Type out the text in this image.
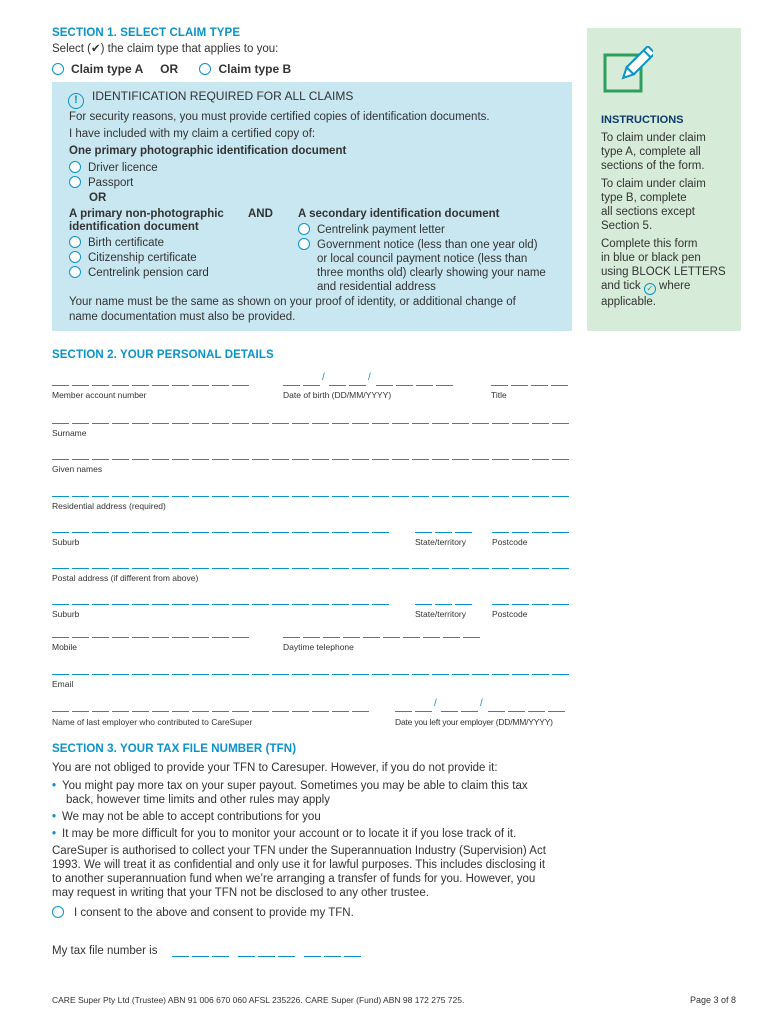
SECTION 1. SELECT CLAIM TYPE
Select (✔) the claim type that applies to you:
Claim type A OR	Claim type B
! IDENTIFICATION REQUIRED FOR ALL CLAIMS
For security reasons, you must provide certified copies of identification documents.
I have included with my claim a certified copy of:
One primary photographic identification document
Driver licence
Passport
OR
A primary non-photographic
identification document
AND
Birth certificate
Citizenship certificate
Centrelink pension card
A secondary identification document
Centrelink payment letter
Government notice (less than one year old)
or local council payment notice (less than
three months old) clearly showing your name
and residential address
Your name must be the same as shown on your proof of identity, or additional change of
name documentation must also be provided.
INSTRUCTIONS
To claim under claim
type A, complete all
sections of the form.
To claim under claim
type B, complete
all sections except
Section 5.
Complete this form
in blue or black pen
using BLOCK LETTERS
and tick ✓ where
applicable.
SECTION 2. YOUR PERSONAL DETAILS
/	/
Member account number	Date of birth (DD/MM/YYYY)	Title
Surname
Given names
Residential address (required)
Suburb	State/territory	Postcode
Postal address (if different from above)
Suburb	State/territory	Postcode
Mobile	Daytime telephone
Email
/	/
Name of last employer who contributed to CareSuper	Date you left your employer (DD/MM/YYYY)
SECTION 3. YOUR TAX FILE NUMBER (TFN)
You are not obliged to provide your TFN to Caresuper. However, if you do not provide it:
• You might pay more tax on your super payout. Sometimes you may be able to claim this tax
back, however time limits and other rules may apply
• We may not be able to accept contributions for you
• It may be more difficult for you to monitor your account or to locate it if you lose track of it.
CareSuper is authorised to collect your TFN under the Superannuation Industry (Supervision) Act
1993. We will treat it as confidential and only use it for lawful purposes. This includes disclosing it
to another superannuation fund when we’re arranging a transfer of funds for you. However, you
may request in writing that your TFN not be disclosed to any other trustee.
I consent to the above and consent to provide my TFN.
My tax file number is
CARE Super Pty Ltd (Trustee) ABN 91 006 670 060 AFSL 235226. CARE Super (Fund) ABN 98 172 275 725.	Page 3 of 8
